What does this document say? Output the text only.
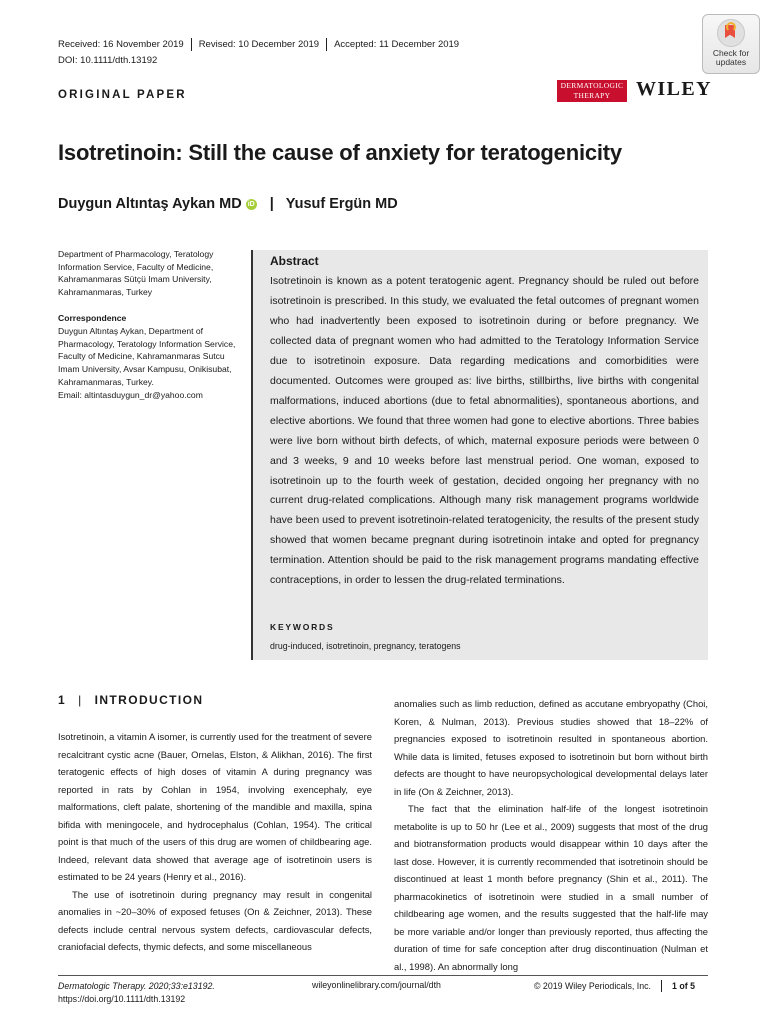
Received: 16 November 2019 Revised: 10 December 2019 Accepted: 11 December 2019
DOI: 10.1111/dth.13192
Check for
updates
ORIGINAL PAPER
DERMATOLOGIC
THERAPY	WILEY
Isotretinoin: Still the cause of anxiety for teratogenicity
Duygun Altıntaş Aykan MD iD | Yusuf Ergün MD
Department of Pharmacology, Teratology Information Service, Faculty of Medicine, Kahramanmaras Sütçü Imam University, Kahramanmaras, Turkey
Correspondence
Duygun Altıntaş Aykan, Department of Pharmacology, Teratology Information Service, Faculty of Medicine, Kahramanmaras Sutcu Imam University, Avsar Kampusu, Onikisubat, Kahramanmaras, Turkey.
Email: altintasduygun_dr@yahoo.com
Abstract
Isotretinoin is known as a potent teratogenic agent. Pregnancy should be ruled out before isotretinoin is prescribed. In this study, we evaluated the fetal outcomes of pregnant women who had inadvertently been exposed to isotretinoin during or before pregnancy. We collected data of pregnant women who had admitted to the Teratology Information Service due to isotretinoin exposure. Data regarding medications and comorbidities were documented. Outcomes were grouped as: live births, stillbirths, live births with congenital malformations, induced abortions (due to fetal abnormalities), spontaneous abortions, and elective abortions. We found that three women had gone to elective abortions. Three babies were live born without birth defects, of which, maternal exposure periods were between 0 and 3 weeks, 9 and 10 weeks before last menstrual period. One woman, exposed to isotretinoin up to the fourth week of gestation, decided ongoing her pregnancy with no current drug-related complications. Although many risk management programs worldwide have been used to prevent isotretinoin-related teratogenicity, the results of the present study showed that women became pregnant during isotretinoin intake and opted for pregnancy termination. Attention should be paid to the risk management programs mandating effective contraceptions, in order to lessen the drug-related terminations.
KEYWORDS
drug-induced, isotretinoin, pregnancy, teratogens
1 | INTRODUCTION

Isotretinoin, a vitamin A isomer, is currently used for the treatment of severe recalcitrant cystic acne (Bauer, Ornelas, Elston, & Alikhan, 2016). The first teratogenic effects of high doses of vitamin A during pregnancy was reported in rats by Cohlan in 1954, involving exencephaly, eye malformations, cleft palate, shortening of the mandible and maxilla, spina bifida with meningocele, and hydrocephalus (Cohlan, 1954). The critical point is that much of the users of this drug are women of childbearing age. Indeed, relevant data showed that average age of isotretinoin users is estimated to be 24 years (Henry et al., 2016).

The use of isotretinoin during pregnancy may result in congenital anomalies in ~20–30% of exposed fetuses (On & Zeichner, 2013). These defects include central nervous system defects, cardiovascular defects, craniofacial defects, thymic defects, and some miscellaneous

anomalies such as limb reduction, defined as accutane embryopathy (Choi, Koren, & Nulman, 2013). Previous studies showed that 18–22% of pregnancies exposed to isotretinoin resulted in spontaneous abortion. While data is limited, fetuses exposed to isotretinoin but born without birth defects are thought to have neuropsychological developmental delays later in life (On & Zeichner, 2013).

The fact that the elimination half-life of the longest isotretinoin metabolite is up to 50 hr (Lee et al., 2009) suggests that most of the drug and biotransformation products would disappear within 10 days after the last dose. However, it is currently recommended that isotretinoin should be discontinued at least 1 month before pregnancy (Shin et al., 2011). The pharmacokinetics of isotretinoin were studied in a small number of childbearing age women, and the results suggested that the half-life may be more variable and/or longer than previously reported, thus affecting the duration of time for safe conception after drug discontinuation (Nulman et al., 1998). An abnormally long

Dermatologic Therapy. 2020;33:e13192.
https://doi.org/10.1111/dth.13192
wileyonlinelibrary.com/journal/dth	© 2019 Wiley Periodicals, Inc. 1 of 5
